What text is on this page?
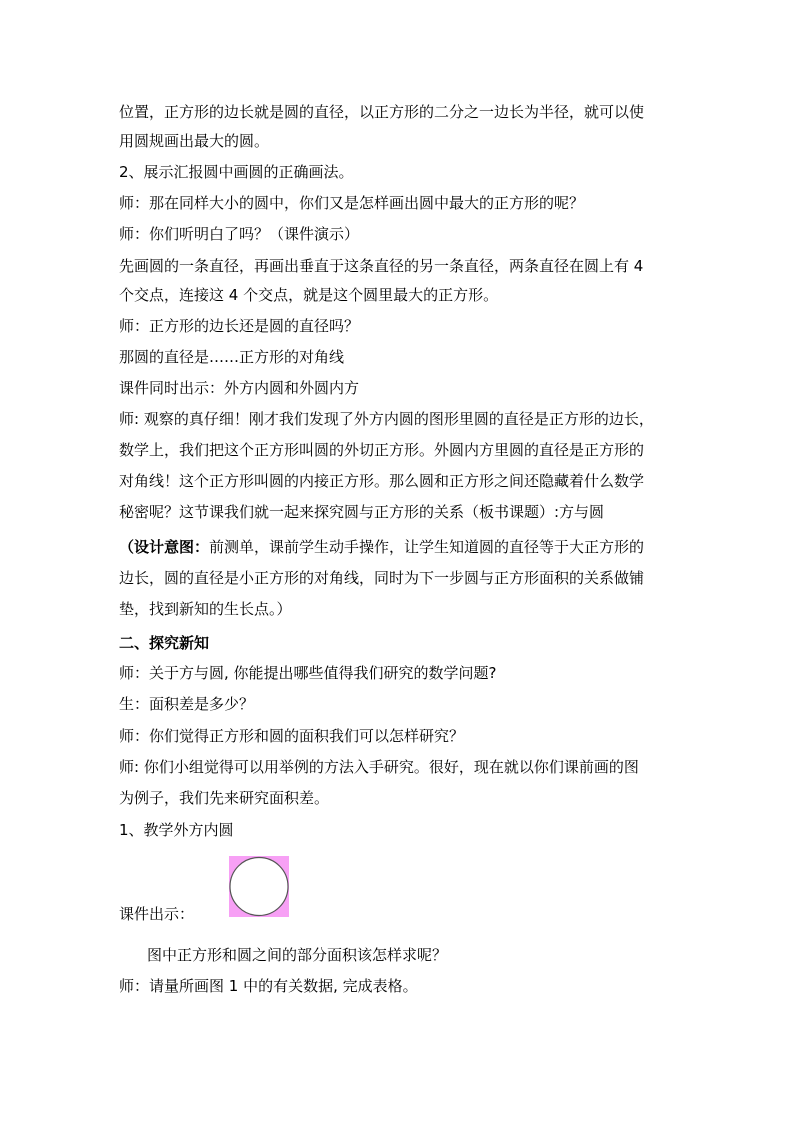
位置，正方形的边长就是圆的直径，以正方形的二分之一边长为半径，就可以使
用圆规画出最大的圆。
2、展示汇报圆中画圆的正确画法。
师：那在同样大小的圆中，你们又是怎样画出圆中最大的正方形的呢？
师：你们听明白了吗？（课件演示）
先画圆的一条直径，再画出垂直于这条直径的另一条直径，两条直径在圆上有 4
个交点，连接这 4 个交点，就是这个圆里最大的正方形。
师：正方形的边长还是圆的直径吗？
那圆的直径是……正方形的对角线
课件同时出示：外方内圆和外圆内方
师: 观察的真仔细！刚才我们发现了外方内圆的图形里圆的直径是正方形的边长，
数学上，我们把这个正方形叫圆的外切正方形。外圆内方里圆的直径是正方形的
对角线！这个正方形叫圆的内接正方形。那么圆和正方形之间还隐藏着什么数学
秘密呢？这节课我们就一起来探究圆与正方形的关系（板书课题）:方与圆
（设计意图：前测单，课前学生动手操作，让学生知道圆的直径等于大正方形的
边长，圆的直径是小正方形的对角线，同时为下一步圆与正方形面积的关系做铺
垫，找到新知的生长点。）
二、探究新知
师：关于方与圆, 你能提出哪些值得我们研究的数学问题?
生：面积差是多少？
师：你们觉得正方形和圆的面积我们可以怎样研究？
师: 你们小组觉得可以用举例的方法入手研究。很好，现在就以你们课前画的图
为例子，我们先来研究面积差。
1、教学外方内圆
课件出示：
图中正方形和圆之间的部分面积该怎样求呢？
师：请量所画图 1 中的有关数据, 完成表格。
